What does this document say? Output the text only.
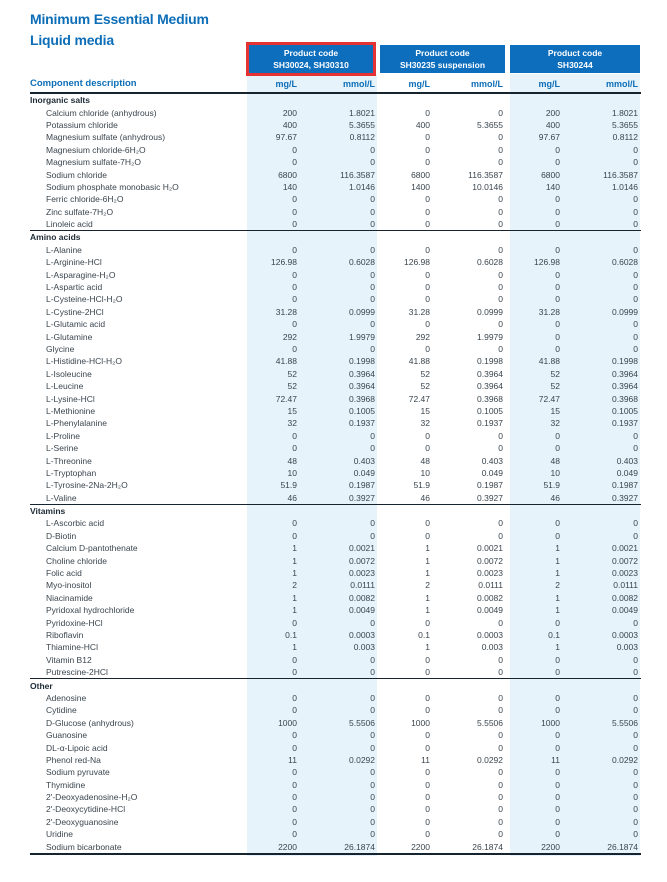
Minimum Essential Medium
Liquid media
Product code
SH30024, SH30310
Product code
SH30235 suspension
Product code
SH30244
Component description	mg/L	mmol/L	mg/L	mmol/L	mg/L	mmol/L
Inorganic salts
Calcium chloride (anhydrous)	200	1.8021	0	0	200	1.8021
Potassium chloride	400	5.3655	400	5.3655	400	5.3655
Magnesium sulfate (anhydrous)	97.67	0.8112	0	0	97.67	0.8112
Magnesium chloride-6H₂O	0	0	0	0	0	0
Magnesium sulfate-7H₂O	0	0	0	0	0	0
Sodium chloride	6800	116.3587	6800	116.3587	6800	116.3587
Sodium phosphate monobasic H₂O	140	1.0146	1400	10.0146	140	1.0146
Ferric chloride-6H₂O	0	0	0	0	0	0
Zinc sulfate-7H₂O	0	0	0	0	0	0
Linoleic acid	0	0	0	0	0	0
Amino acids
L-Alanine	0	0	0	0	0	0
L-Arginine-HCl	126.98	0.6028	126.98	0.6028	126.98	0.6028
L-Asparagine-H₂O	0	0	0	0	0	0
L-Aspartic acid	0	0	0	0	0	0
L-Cysteine-HCl-H₂O	0	0	0	0	0	0
L-Cystine-2HCl	31.28	0.0999	31.28	0.0999	31.28	0.0999
L-Glutamic acid	0	0	0	0	0	0
L-Glutamine	292	1.9979	292	1.9979	0	0
Glycine	0	0	0	0	0	0
L-Histidine-HCl-H₂O	41.88	0.1998	41.88	0.1998	41.88	0.1998
L-Isoleucine	52	0.3964	52	0.3964	52	0.3964
L-Leucine	52	0.3964	52	0.3964	52	0.3964
L-Lysine-HCl	72.47	0.3968	72.47	0.3968	72.47	0.3968
L-Methionine	15	0.1005	15	0.1005	15	0.1005
L-Phenylalanine	32	0.1937	32	0.1937	32	0.1937
L-Proline	0	0	0	0	0	0
L-Serine	0	0	0	0	0	0
L-Threonine	48	0.403	48	0.403	48	0.403
L-Tryptophan	10	0.049	10	0.049	10	0.049
L-Tyrosine-2Na-2H₂O	51.9	0.1987	51.9	0.1987	51.9	0.1987
L-Valine	46	0.3927	46	0.3927	46	0.3927
Vitamins
L-Ascorbic acid	0	0	0	0	0	0
D-Biotin	0	0	0	0	0	0
Calcium D-pantothenate	1	0.0021	1	0.0021	1	0.0021
Choline chloride	1	0.0072	1	0.0072	1	0.0072
Folic acid	1	0.0023	1	0.0023	1	0.0023
Myo-inositol	2	0.0111	2	0.0111	2	0.0111
Niacinamide	1	0.0082	1	0.0082	1	0.0082
Pyridoxal hydrochloride	1	0.0049	1	0.0049	1	0.0049
Pyridoxine-HCl	0	0	0	0	0	0
Riboflavin	0.1	0.0003	0.1	0.0003	0.1	0.0003
Thiamine-HCl	1	0.003	1	0.003	1	0.003
Vitamin B12	0	0	0	0	0	0
Putrescine-2HCl	0	0	0	0	0	0
Other
Adenosine	0	0	0	0	0	0
Cytidine	0	0	0	0	0	0
D-Glucose (anhydrous)	1000	5.5506	1000	5.5506	1000	5.5506
Guanosine	0	0	0	0	0	0
DL-α-Lipoic acid	0	0	0	0	0	0
Phenol red-Na	11	0.0292	11	0.0292	11	0.0292
Sodium pyruvate	0	0	0	0	0	0
Thymidine	0	0	0	0	0	0
2'-Deoxyadenosine-H₂O	0	0	0	0	0	0
2'-Deoxycytidine-HCl	0	0	0	0	0	0
2'-Deoxyguanosine	0	0	0	0	0	0
Uridine	0	0	0	0	0	0
Sodium bicarbonate	2200	26.1874	2200	26.1874	2200	26.1874
